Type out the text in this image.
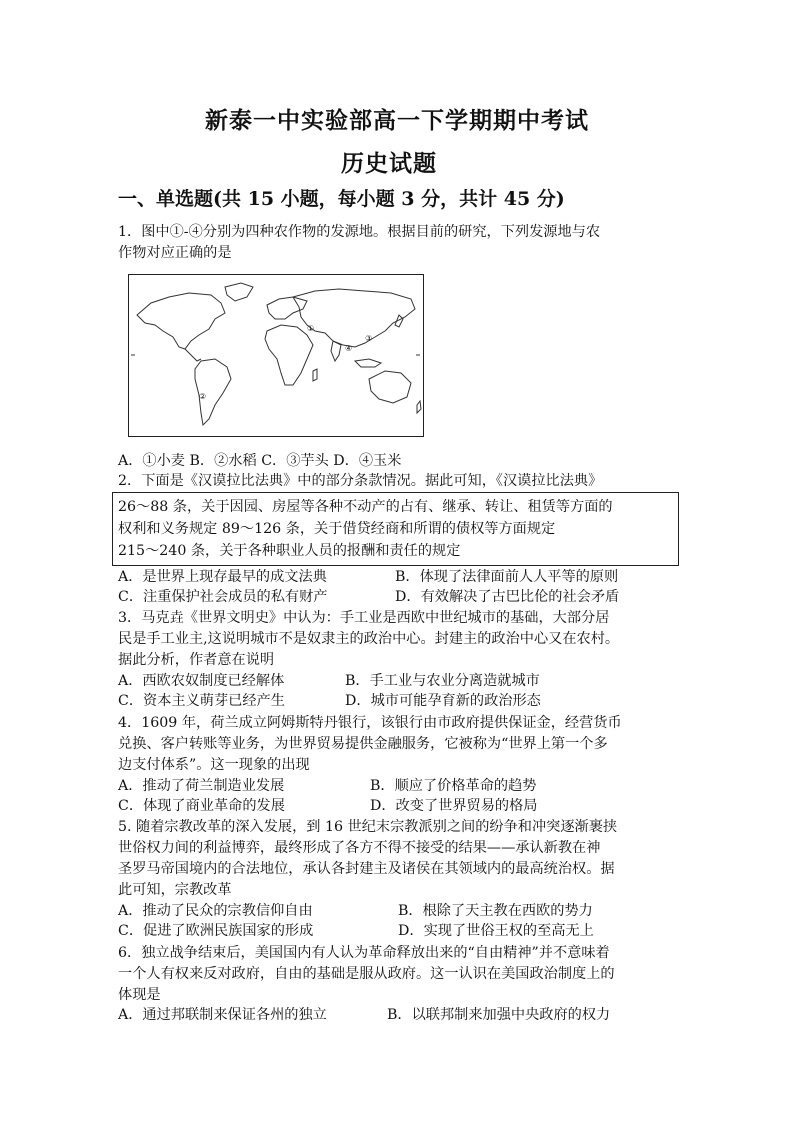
新泰一中实验部高一下学期期中考试
历史试题
一、单选题(共 15 小题，每小题 3 分，共计 45 分)
1．图中①-④分别为四种农作物的发源地。根据目前的研究，下列发源地与农
作物对应正确的是
①
②
③
④
A．①小麦 B．②水稻 C．③芋头 D．④玉米
2．下面是《汉谟拉比法典》中的部分条款情况。据此可知，《汉谟拉比法典》
26～88 条，关于因园、房屋等各种不动产的占有、继承、转让、租赁等方面的
权利和义务规定 89～126 条，关于借贷经商和所谓的债权等方面规定
215～240 条，关于各种职业人员的报酬和责任的规定
A．是世界上现存最早的成文法典	B．体现了法律面前人人平等的原则
C．注重保护社会成员的私有财产	D．有效解决了古巴比伦的社会矛盾
3．马克垚《世界文明史》中认为：手工业是西欧中世纪城市的基础，大部分居
民是手工业主,这说明城市不是奴隶主的政治中心。封建主的政治中心又在农村。
据此分析，作者意在说明
A．西欧农奴制度已经解体	B．手工业与农业分离造就城市
C．资本主义萌芽已经产生	D．城市可能孕育新的政治形态
4．1609 年，荷兰成立阿姆斯特丹银行，该银行由市政府提供保证金，经营货币
兑换、客户转账等业务，为世界贸易提供金融服务，它被称为“世界上第一个多
边支付体系”。这一现象的出现
A．推动了荷兰制造业发展	B．顺应了价格革命的趋势
C．体现了商业革命的发展	D．改变了世界贸易的格局
5. 随着宗教改革的深入发展，到 16 世纪末宗教派别之间的纷争和冲突逐渐裹挟
世俗权力间的利益博弈，最终形成了各方不得不接受的结果——承认新教在神
圣罗马帝国境内的合法地位，承认各封建主及诸侯在其领域内的最高统治权。据
此可知，宗教改革
A．推动了民众的宗教信仰自由	B．根除了天主教在西欧的势力
C．促进了欧洲民族国家的形成	D．实现了世俗王权的至高无上
6．独立战争结束后，美国国内有人认为革命释放出来的“自由精神”并不意味着
一个人有权来反对政府，自由的基础是服从政府。这一认识在美国政治制度上的
体现是
A．通过邦联制来保证各州的独立	B．以联邦制来加强中央政府的权力
